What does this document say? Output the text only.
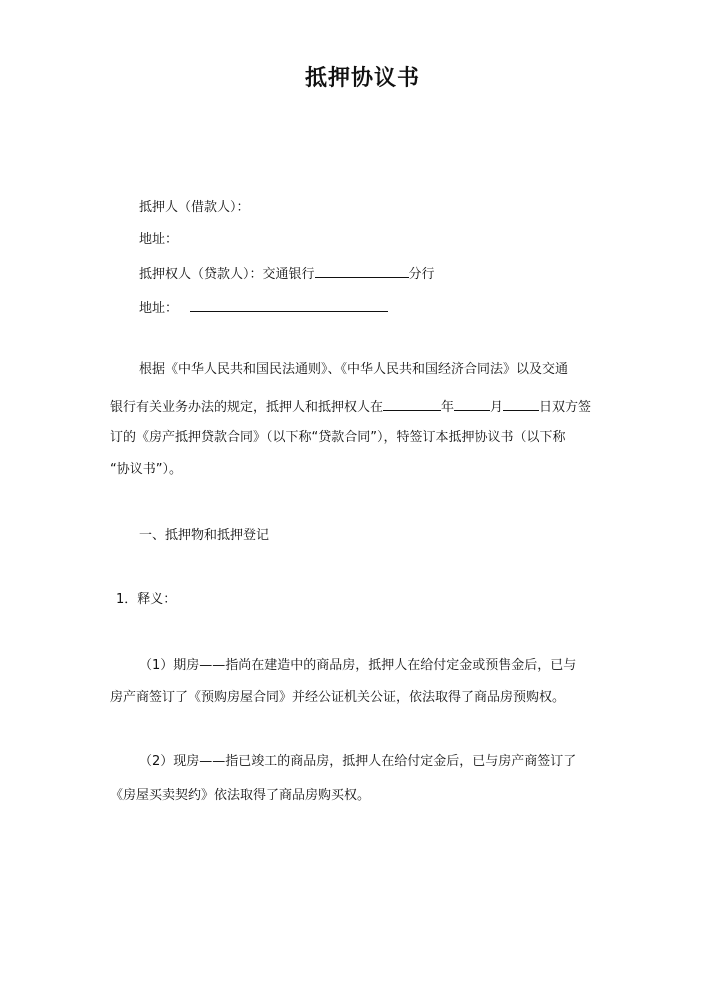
抵押协议书
抵押人（借款人）：
地址：
抵押权人（贷款人）：交通银行	分行
地址：
根据《中华人民共和国民法通则》、《中华人民共和国经济合同法》以及交通
银行有关业务办法的规定，抵押人和抵押权人在	年	月	日双方签
订的《房产抵押贷款合同》（以下称“贷款合同”），特签订本抵押协议书（以下称
“协议书”）。
一、抵押物和抵押登记
1．释义：
（1）期房——指尚在建造中的商品房，抵押人在给付定金或预售金后，已与
房产商签订了《预购房屋合同》并经公证机关公证，依法取得了商品房预购权。
（2）现房——指已竣工的商品房，抵押人在给付定金后，已与房产商签订了
《房屋买卖契约》依法取得了商品房购买权。
